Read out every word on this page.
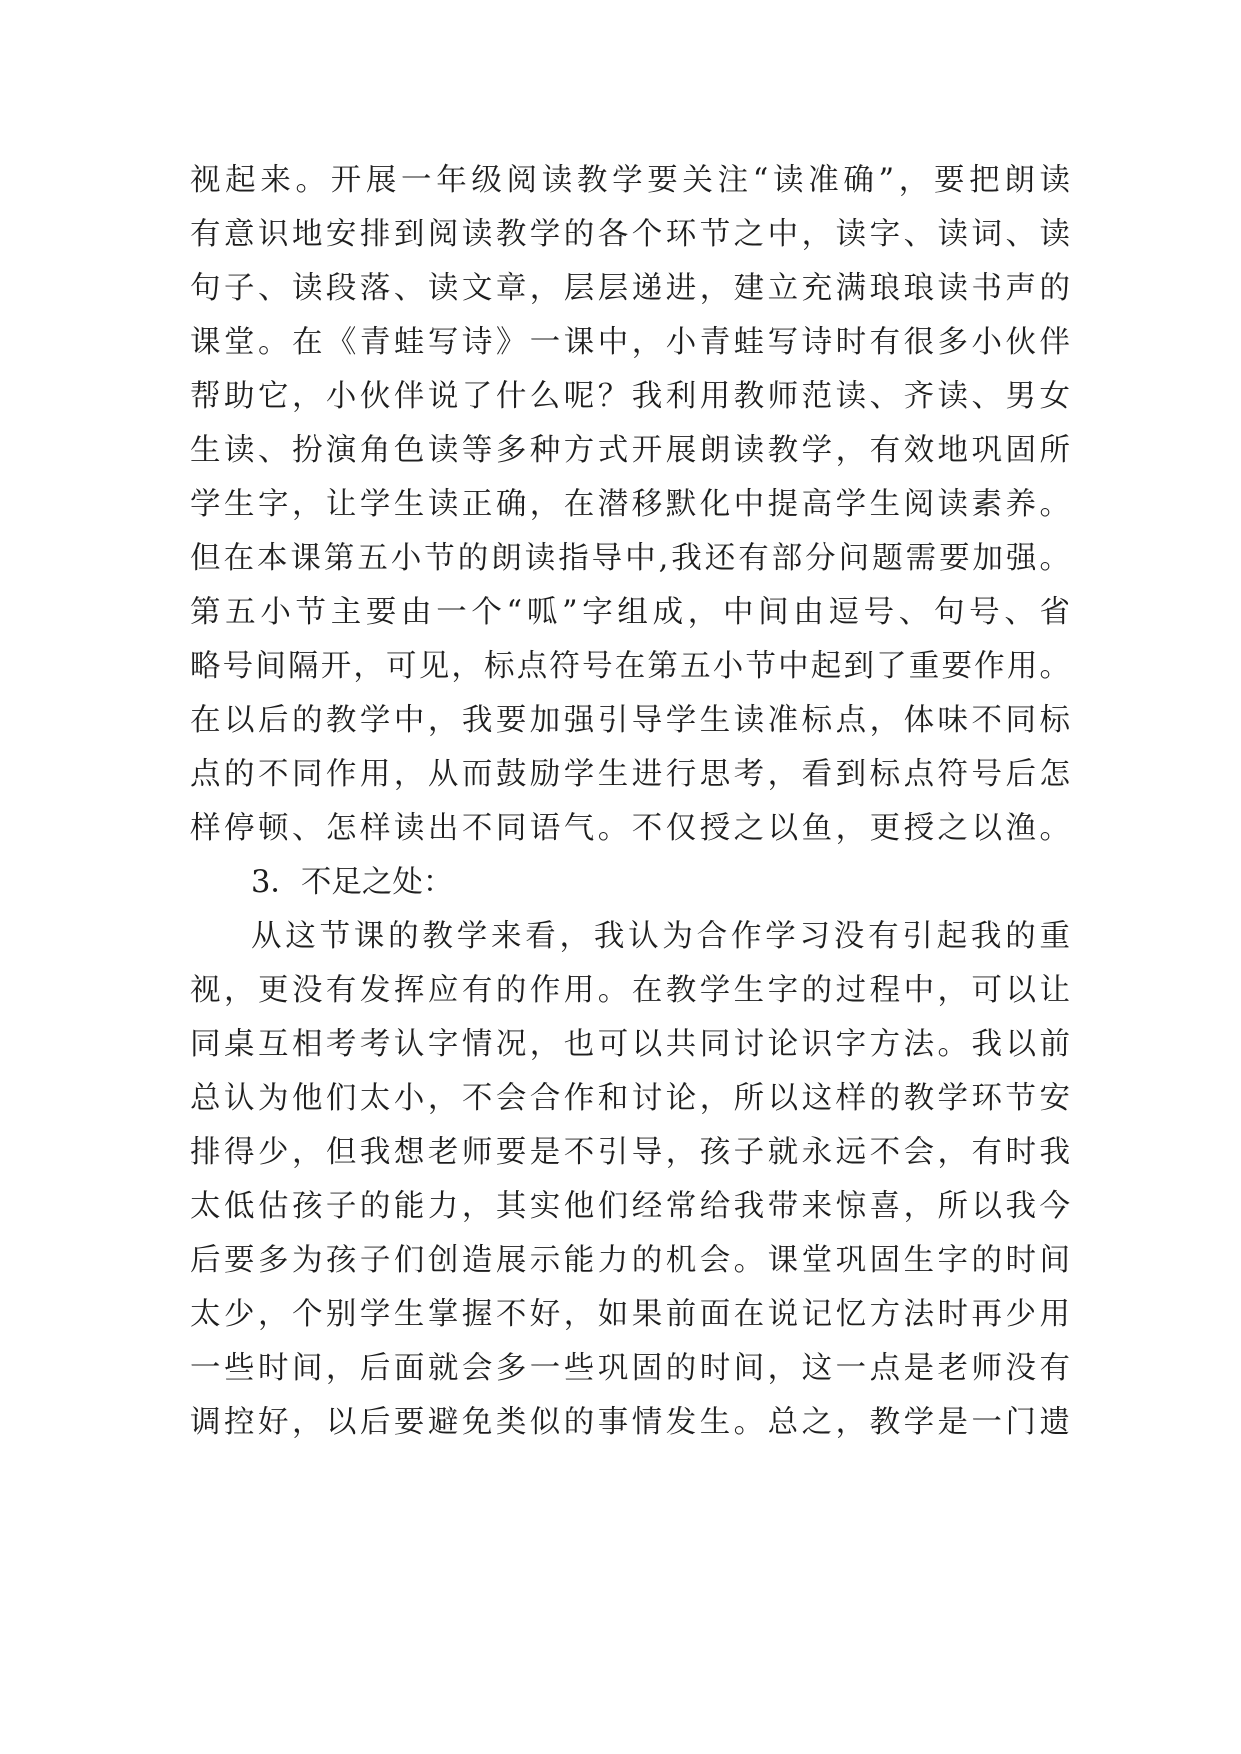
视起来。开展一年级阅读教学要关注“读准确”，要把朗读
有意识地安排到阅读教学的各个环节之中，读字、读词、读
句子、读段落、读文章，层层递进，建立充满琅琅读书声的
课堂。在《青蛙写诗》一课中，小青蛙写诗时有很多小伙伴
帮助它，小伙伴说了什么呢？我利用教师范读、齐读、男女
生读、扮演角色读等多种方式开展朗读教学，有效地巩固所
学生字，让学生读正确，在潜移默化中提高学生阅读素养。
但在本课第五小节的朗读指导中,我还有部分问题需要加强。
第五小节主要由一个“呱”字组成，中间由逗号、句号、省
略号间隔开，可见，标点符号在第五小节中起到了重要作用。
在以后的教学中，我要加强引导学生读准标点，体味不同标
点的不同作用，从而鼓励学生进行思考，看到标点符号后怎
样停顿、怎样读出不同语气。不仅授之以鱼，更授之以渔。
3．不足之处：
从这节课的教学来看，我认为合作学习没有引起我的重
视，更没有发挥应有的作用。在教学生字的过程中，可以让
同桌互相考考认字情况，也可以共同讨论识字方法。我以前
总认为他们太小，不会合作和讨论，所以这样的教学环节安
排得少，但我想老师要是不引导，孩子就永远不会，有时我
太低估孩子的能力，其实他们经常给我带来惊喜，所以我今
后要多为孩子们创造展示能力的机会。课堂巩固生字的时间
太少，个别学生掌握不好，如果前面在说记忆方法时再少用
一些时间，后面就会多一些巩固的时间，这一点是老师没有
调控好，以后要避免类似的事情发生。总之，教学是一门遗
